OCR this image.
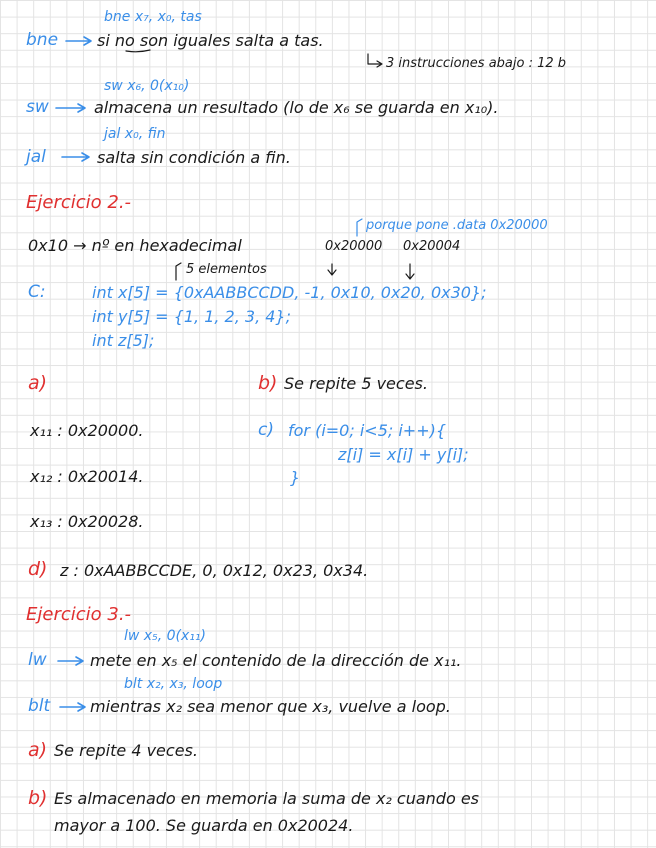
bne x₇, x₀, tas
bne si no son iguales salta a tas.
3 instrucciones abajo : 12 b
sw x₆, 0(x₁₀)
sw	almacena un resultado (lo de x₆ se guarda en x₁₀).
jal x₀, fin
jal	salta sin condición a fin.
Ejercicio 2.-
porque pone .data 0x20000
0x10 → nº en hexadecimal	0x20000 0x20004
5 elementos
C:	int x[5] = {0xAABBCCDD, -1, 0x10, 0x20, 0x30};
int y[5] = {1, 1, 2, 3, 4};
int z[5];
a)	b) Se repite 5 veces.
x₁₁ : 0x20000.	c) for (i=0; i<5; i++){
z[i] = x[i] + y[i];
}
x₁₂ : 0x20014.
x₁₃ : 0x20028.
d) z : 0xAABBCCDE, 0, 0x12, 0x23, 0x34.
Ejercicio 3.-
lw x₅, 0(x₁₁)
lw	mete en x₅ el contenido de la dirección de x₁₁.
blt x₂, x₃, loop
blt mientras x₂ sea menor que x₃, vuelve a loop.
a) Se repite 4 veces.
b) Es almacenado en memoria la suma de x₂ cuando es
mayor a 100. Se guarda en 0x20024.
